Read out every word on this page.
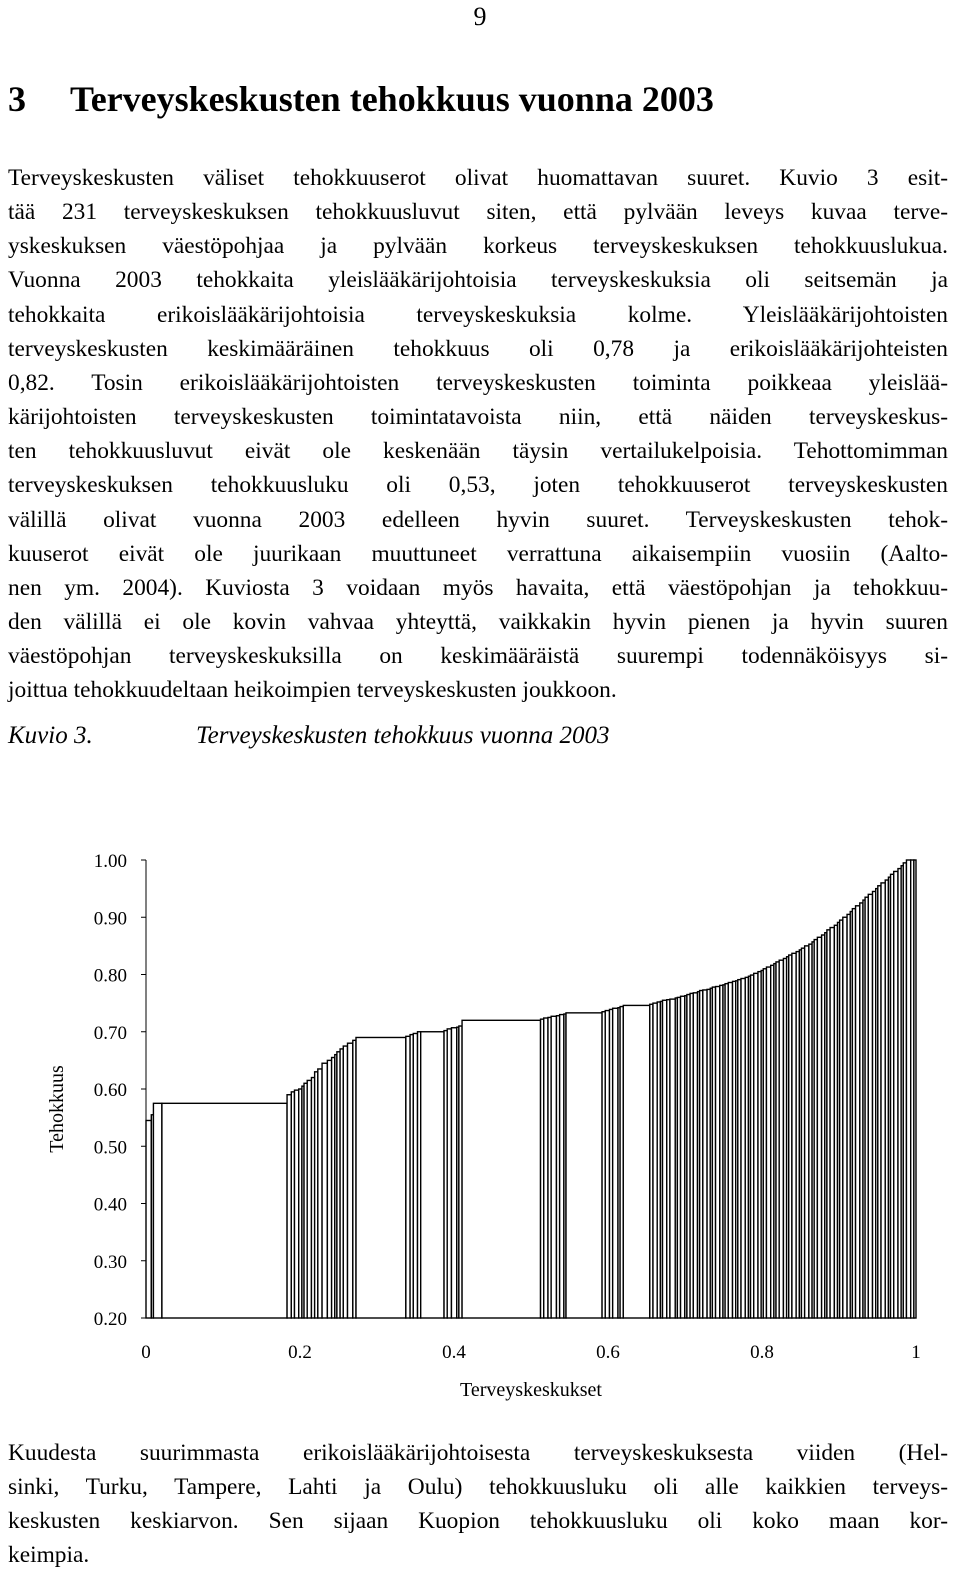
9
3 Terveyskeskusten tehokkuus vuonna 2003

Terveyskeskusten väliset tehokkuuserot olivat huomattavan suuret. Kuvio 3 esit-
tää 231 terveyskeskuksen tehokkuusluvut siten, että pylvään leveys kuvaa terve-
yskeskuksen väestöpohjaa ja pylvään korkeus terveyskeskuksen tehokkuuslukua.
Vuonna 2003 tehokkaita yleislääkärijohtoisia terveyskeskuksia oli seitsemän ja
tehokkaita erikoislääkärijohtoisia terveyskeskuksia kolme. Yleislääkärijohtoisten
terveyskeskusten keskimääräinen tehokkuus oli 0,78 ja erikoislääkärijohteisten
0,82. Tosin erikoislääkärijohtoisten terveyskeskusten toiminta poikkeaa yleislää-
kärijohtoisten terveyskeskusten toimintatavoista niin, että näiden terveyskeskus-
ten tehokkuusluvut eivät ole keskenään täysin vertailukelpoisia. Tehottomimman
terveyskeskuksen tehokkuusluku oli 0,53, joten tehokkuuserot terveyskeskusten
välillä olivat vuonna 2003 edelleen hyvin suuret. Terveyskeskusten tehok-
kuuserot eivät ole juurikaan muuttuneet verrattuna aikaisempiin vuosiin (Aalto-
nen ym. 2004). Kuviosta 3 voidaan myös havaita, että väestöpohjan ja tehokkuu-
den välillä ei ole kovin vahvaa yhteyttä, vaikkakin hyvin pienen ja hyvin suuren
väestöpohjan terveyskeskuksilla on keskimääräistä suurempi todennäköisyys si-
joittua tehokkuudeltaan heikoimpien terveyskeskusten joukkoon.

Kuvio 3.	Terveyskeskusten tehokkuus vuonna 2003
1.00
0.90
0.80
0.70
0.60
0.50
0.40
0.30
0.20
0	0.2	0.4	0.6	0.8	1
Tehokkuus
Terveyskeskukset

Kuudesta suurimmasta erikoislääkärijohtoisesta terveyskeskuksesta viiden (Hel-
sinki, Turku, Tampere, Lahti ja Oulu) tehokkuusluku oli alle kaikkien terveys-
keskusten keskiarvon. Sen sijaan Kuopion tehokkuusluku oli koko maan kor-
keimpia.
